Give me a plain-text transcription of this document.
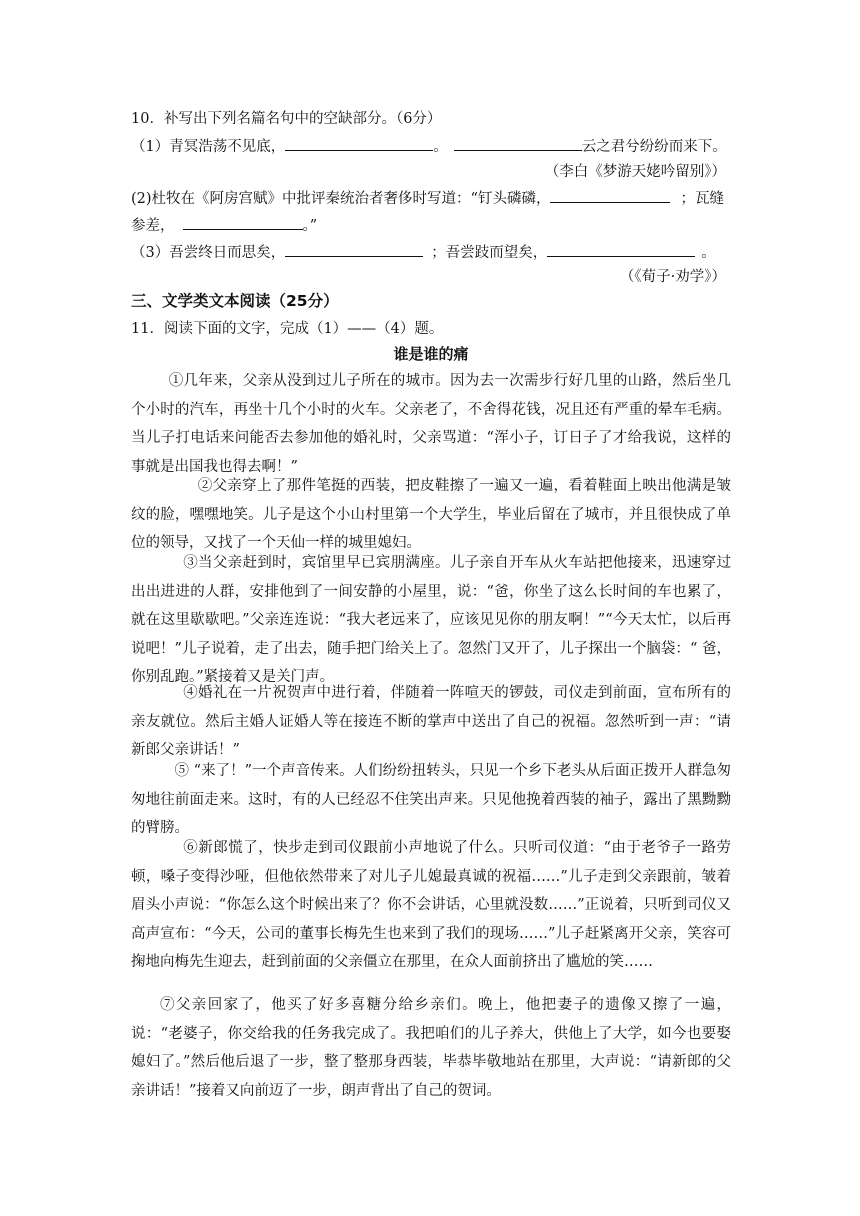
10．补写出下列名篇名句中的空缺部分。（6分）
（1）青冥浩荡不见底，	。	云之君兮纷纷而来下。
（李白《梦游天姥吟留别》）
(2)杜牧在《阿房宫赋》中批评秦统治者奢侈时写道：“钉头磷磷，	；瓦缝
参差，	。”
（3）吾尝终日而思矣，	；吾尝跂而望矣，	。
（《荀子·劝学》）
三、文学类文本阅读（25分）
11．阅读下面的文字，完成（1）——（4）题。
谁是谁的痛
①几年来，父亲从没到过儿子所在的城市。因为去一次需步行好几里的山路，然后坐几个小时的汽车，再坐十几个小时的火车。父亲老了，不舍得花钱，况且还有严重的晕车毛病。当儿子打电话来问能否去参加他的婚礼时，父亲骂道：“浑小子，订日子了才给我说，这样的事就是出国我也得去啊！”
②父亲穿上了那件笔挺的西装，把皮鞋擦了一遍又一遍，看着鞋面上映出他满是皱纹的脸，嘿嘿地笑。儿子是这个小山村里第一个大学生，毕业后留在了城市，并且很快成了单位的领导，又找了一个天仙一样的城里媳妇。
③当父亲赶到时，宾馆里早已宾朋满座。儿子亲自开车从火车站把他接来，迅速穿过出出进进的人群，安排他到了一间安静的小屋里，说：“爸，你坐了这么长时间的车也累了，就在这里歇歇吧。”父亲连连说：“我大老远来了，应该见见你的朋友啊！”“今天太忙，以后再说吧！”儿子说着，走了出去，随手把门给关上了。忽然门又开了，儿子探出一个脑袋：“ 爸，你别乱跑。”紧接着又是关门声。
④婚礼在一片祝贺声中进行着，伴随着一阵喧天的锣鼓，司仪走到前面，宣布所有的亲友就位。然后主婚人证婚人等在接连不断的掌声中送出了自己的祝福。忽然听到一声：“请新郎父亲讲话！”
⑤ “来了！”一个声音传来。人们纷纷扭转头，只见一个乡下老头从后面正拨开人群急匆匆地往前面走来。这时，有的人已经忍不住笑出声来。只见他挽着西装的袖子，露出了黑黝黝的臂膀。
⑥新郎慌了，快步走到司仪跟前小声地说了什么。只听司仪道：“由于老爷子一路劳顿，嗓子变得沙哑，但他依然带来了对儿子儿媳最真诚的祝福……”儿子走到父亲跟前，皱着眉头小声说：“你怎么这个时候出来了？你不会讲话，心里就没数……”正说着，只听到司仪又高声宣布：“今天，公司的董事长梅先生也来到了我们的现场……”儿子赶紧离开父亲，笑容可掬地向梅先生迎去，赶到前面的父亲僵立在那里，在众人面前挤出了尴尬的笑……
⑦父亲回家了，他买了好多喜糖分给乡亲们。晚上，他把妻子的遗像又擦了一遍，说：“老婆子，你交给我的任务我完成了。我把咱们的儿子养大，供他上了大学，如今也要娶媳妇了。”然后他后退了一步，整了整那身西装，毕恭毕敬地站在那里，大声说：“请新郎的父亲讲话！”接着又向前迈了一步，朗声背出了自己的贺词。
